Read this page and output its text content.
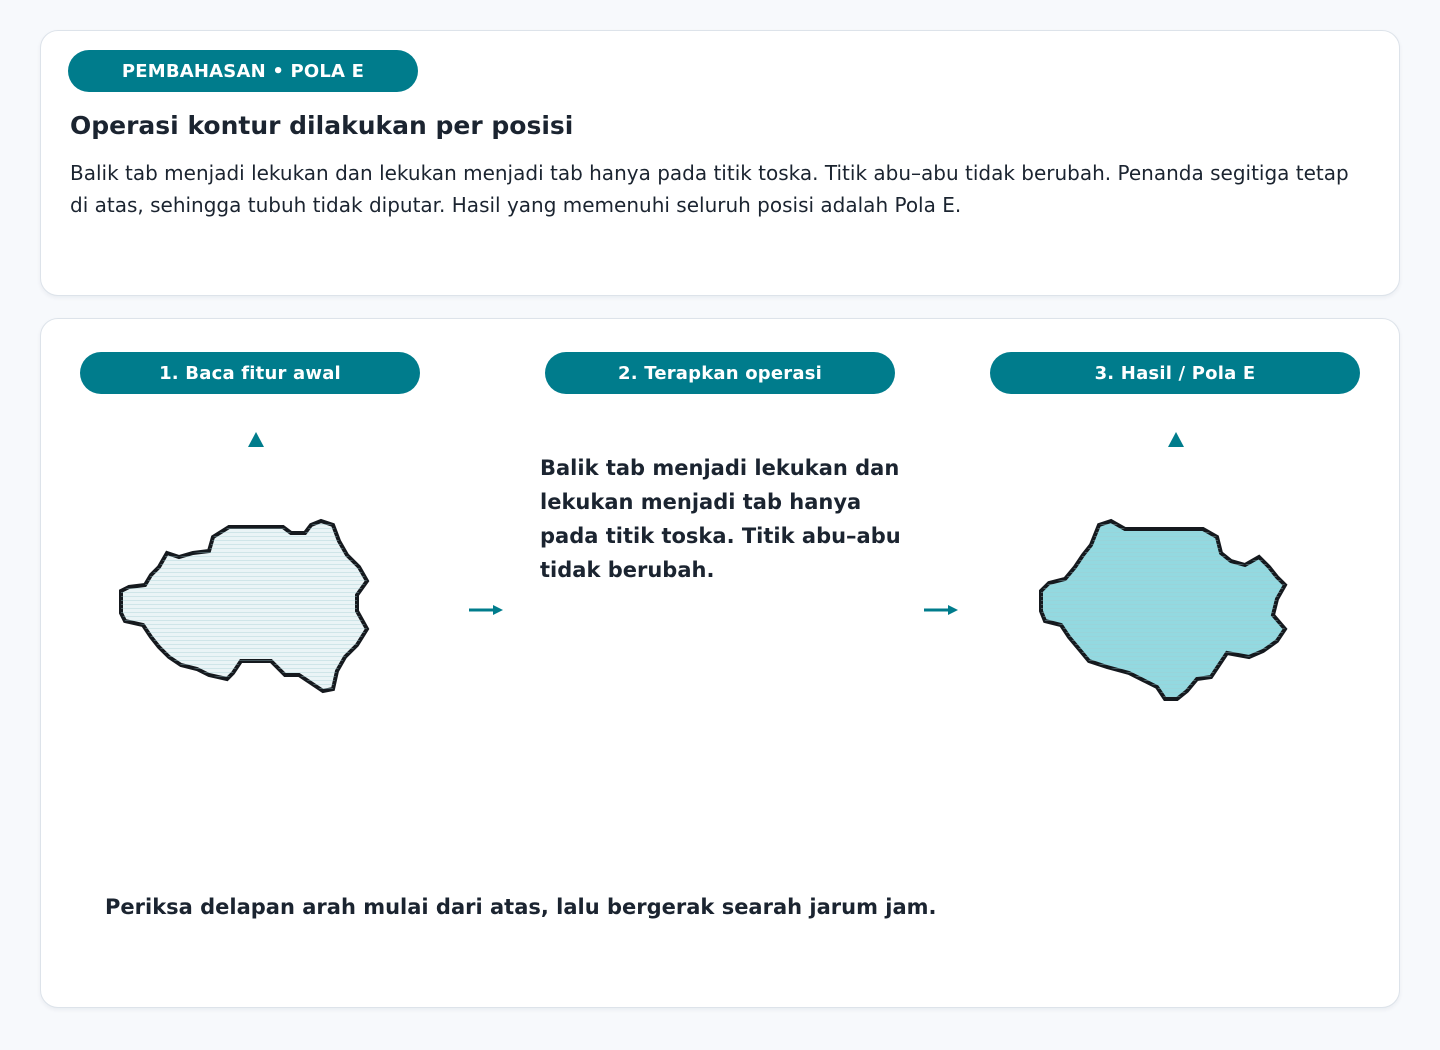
PEMBAHASAN • POLA E
Operasi kontur dilakukan per posisi

Balik tab menjadi lekukan dan lekukan menjadi tab hanya pada titik toska. Titik abu–abu tidak berubah. Penanda segitiga tetap di atas, sehingga tubuh tidak diputar. Hasil yang memenuhi seluruh posisi adalah Pola E.

1. Baca fitur awal	2. Terapkan operasi	3. Hasil / Pola E

Balik tab menjadi lekukan dan lekukan menjadi tab hanya pada titik toska. Titik abu–abu tidak berubah.

Periksa delapan arah mulai dari atas, lalu bergerak searah jarum jam.
